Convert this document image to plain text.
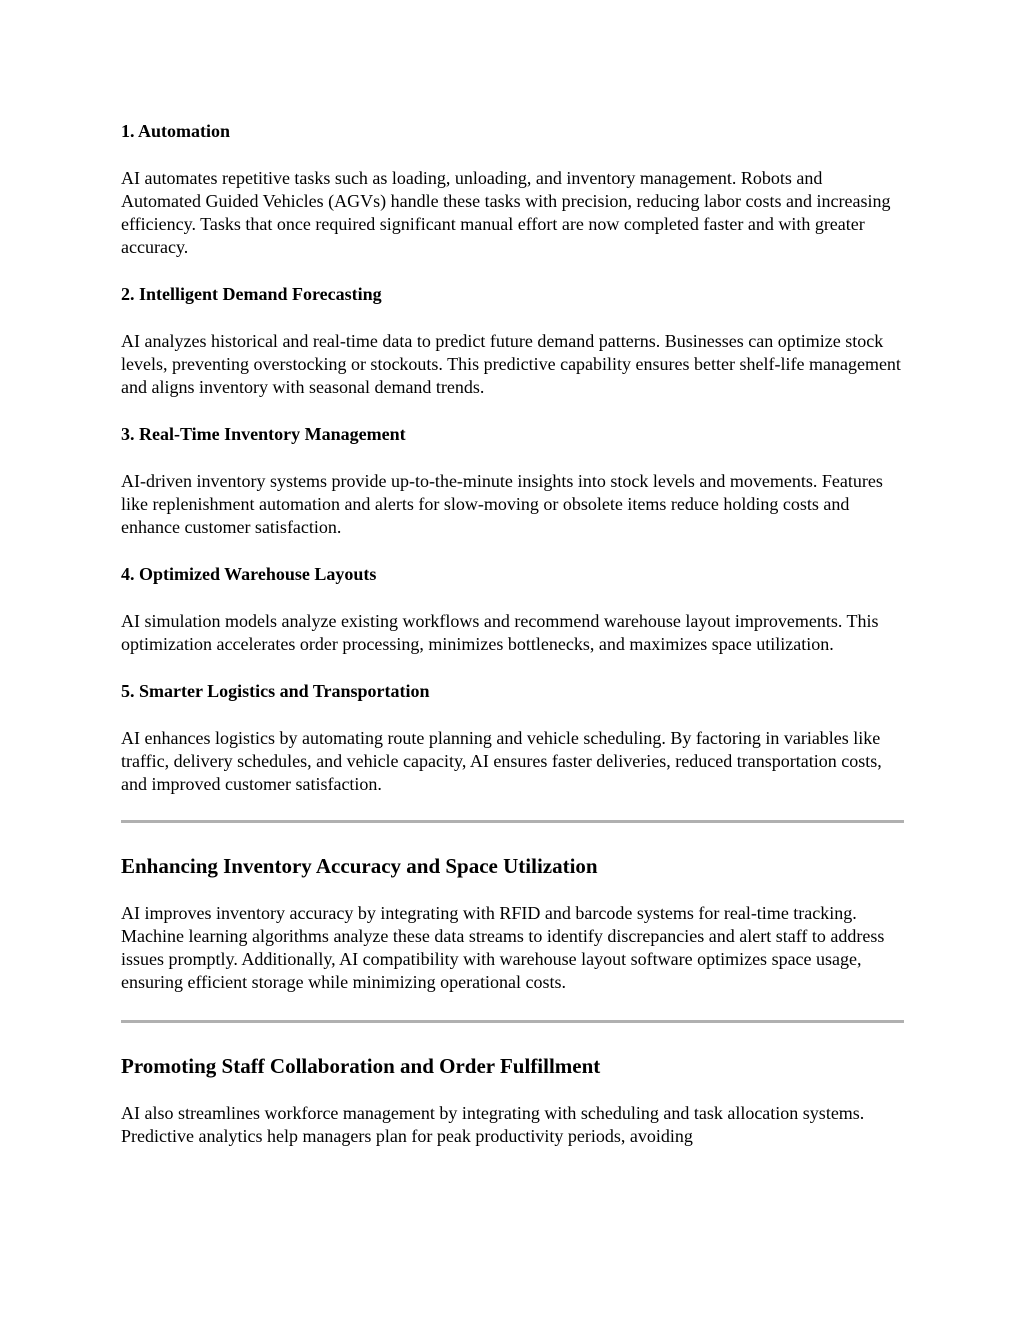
1. Automation

AI automates repetitive tasks such as loading, unloading, and inventory management. Robots and Automated Guided Vehicles (AGVs) handle these tasks with precision, reducing labor costs and increasing efficiency. Tasks that once required significant manual effort are now completed faster and with greater accuracy.

2. Intelligent Demand Forecasting

AI analyzes historical and real-time data to predict future demand patterns. Businesses can optimize stock levels, preventing overstocking or stockouts. This predictive capability ensures better shelf-life management and aligns inventory with seasonal demand trends.

3. Real-Time Inventory Management

AI-driven inventory systems provide up-to-the-minute insights into stock levels and movements. Features like replenishment automation and alerts for slow-moving or obsolete items reduce holding costs and enhance customer satisfaction.

4. Optimized Warehouse Layouts

AI simulation models analyze existing workflows and recommend warehouse layout improvements. This optimization accelerates order processing, minimizes bottlenecks, and maximizes space utilization.

5. Smarter Logistics and Transportation

AI enhances logistics by automating route planning and vehicle scheduling. By factoring in variables like traffic, delivery schedules, and vehicle capacity, AI ensures faster deliveries, reduced transportation costs, and improved customer satisfaction.

Enhancing Inventory Accuracy and Space Utilization

AI improves inventory accuracy by integrating with RFID and barcode systems for real-time tracking. Machine learning algorithms analyze these data streams to identify discrepancies and alert staff to address issues promptly. Additionally, AI compatibility with warehouse layout software optimizes space usage, ensuring efficient storage while minimizing operational costs.

Promoting Staff Collaboration and Order Fulfillment

AI also streamlines workforce management by integrating with scheduling and task allocation systems. Predictive analytics help managers plan for peak productivity periods, avoiding
